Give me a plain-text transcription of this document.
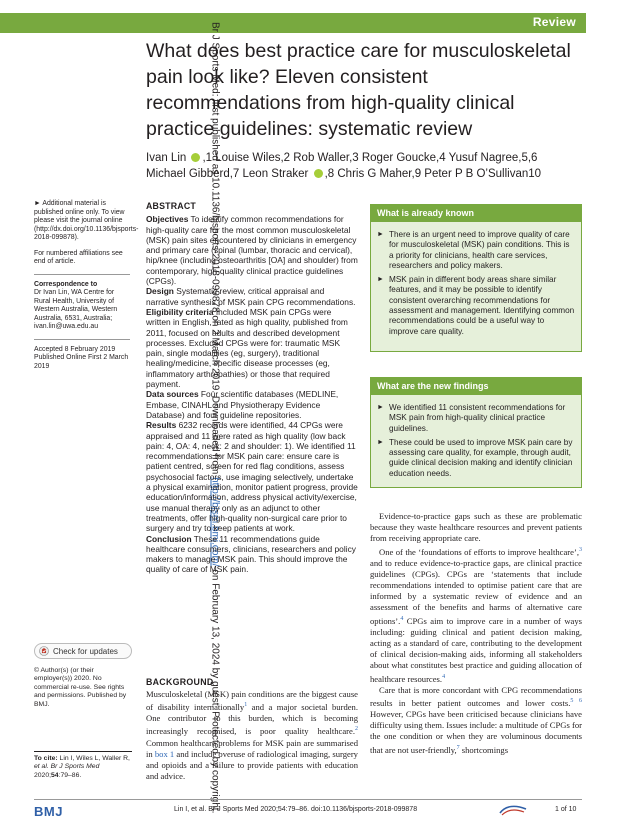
Review
Br J Sports Med: first published as 10.1136/bjsports-2018-099878 on 2 March 2019. Downloaded from http://bjsm.bmj.com/ on February 13, 2024 by guest. Protected by copyright.
What does best practice care for musculoskeletal pain look like? Eleven consistent recommendations from high-quality clinical practice guidelines: systematic review
Ivan Lin ,1 Louise Wiles,2 Rob Waller,3 Roger Goucke,4 Yusuf Nagree,5,6
Michael Gibberd,7 Leon Straker ,8 Chris G Maher,9 Peter P B O’Sullivan10

► Additional material is published online only. To view please visit the journal online (http://dx.doi.org/10.1136/bjsports-2018-099878).

For numbered affiliations see end of article.

Correspondence to
Dr Ivan Lin, WA Centre for Rural Health, University of Western Australia, Western Australia, 6531, Australia; ivan.lin@uwa.edu.au

Accepted 8 February 2019

Published Online First 2 March 2019

Check for updates
© Author(s) (or their employer(s)) 2020. No commercial re-use. See rights and permissions. Published by BMJ.
To cite: Lin I, Wiles L, Waller R, et al. Br J Sports Med 2020;54:79–86.
ABSTRACT

Objectives To identify common recommendations for high-quality care for the most common musculoskeletal (MSK) pain sites encountered by clinicians in emergency and primary care (spinal (lumbar, thoracic and cervical), hip/knee (including osteoarthritis [OA] and shoulder) from contemporary, high-quality clinical practice guidelines (CPGs).

Design Systematic review, critical appraisal and narrative synthesis of MSK pain CPG recommendations.

Eligibility criteria Included MSK pain CPGs were written in English, rated as high quality, published from 2011, focused on adults and described development processes. Excluded CPGs were for: traumatic MSK pain, single modalities (eg, surgery), traditional healing/medicine, specific disease processes (eg, inflammatory arthropathies) or those that required payment.

Data sources Four scientific databases (MEDLINE, Embase, CINAHL and Physiotherapy Evidence Database) and four guideline repositories.

Results 6232 records were identified, 44 CPGs were appraised and 11 were rated as high quality (low back pain: 4, OA: 4, neck: 2 and shoulder: 1). We identified 11 recommendations for MSK pain care: ensure care is patient centred, screen for red flag conditions, assess psychosocial factors, use imaging selectively, undertake a physical examination, monitor patient progress, provide education/information, address physical activity/exercise, use manual therapy only as an adjunct to other treatments, offer high-quality non-surgical care prior to surgery and try to keep patients at work.

Conclusion These 11 recommendations guide healthcare consumers, clinicians, researchers and policy makers to manage MSK pain. This should improve the quality of care of MSK pain.

What is already known
► There is an urgent need to improve quality of care for musculoskeletal (MSK) pain conditions. This is a priority for clinicians, health care services, researchers and policy makers.
► MSK pain in different body areas share similar features, and it may be possible to identify consistent overarching recommendations for assessment and management. Identifying common recommendations could be a useful way to improve care quality.
What are the new findings
► We identified 11 consistent recommendations for MSK pain from high-quality clinical practice guidelines.
► These could be used to improve MSK pain care by assessing care quality, for example, through audit, guide clinical decision making and identify clinician education needs.
BACKGROUND
Musculoskeletal (MSK) pain conditions are the biggest cause of disability internationally$^1$ and a major societal burden. One contributor to this burden, which is becoming increasingly recognised, is poor quality healthcare.$^2$ Common healthcare problems for MSK pain are summarised in box 1 and include overuse of radiological imaging, surgery and opioids and a failure to provide patients with education and advice.

Evidence-to-practice gaps such as these are problematic because they waste healthcare resources and prevent patients from receiving appropriate care.

One of the ‘foundations of efforts to improve healthcare’,$^3$ and to reduce evidence-to-practice gaps, are clinical practice guidelines (CPGs). CPGs are ‘statements that include recommendations intended to optimise patient care that are informed by a systematic review of evidence and an assessment of the benefits and harms of alternative care options’.$^4$ CPGs aim to improve care in a number of ways including: guiding clinical and patient decision making, acting as a standard of care, contributing to the development of clinical decision-making aids, informing all stakeholders about what constitutes best practice and guiding allocation of healthcare resources.$^4$

Care that is more concordant with CPG recommendations results in better patient outcomes and lower costs.$^{5 6}$ However, CPGs have been criticised because clinicians have difficulty using them. Issues include: a multitude of CPGs for the one condition or when they are voluminous documents that are not user-friendly,$^7$ shortcomings

BMJ	Lin I, et al. Br J Sports Med 2020;54:79–86. doi:10.1136/bjsports-2018-099878	1 of 10
